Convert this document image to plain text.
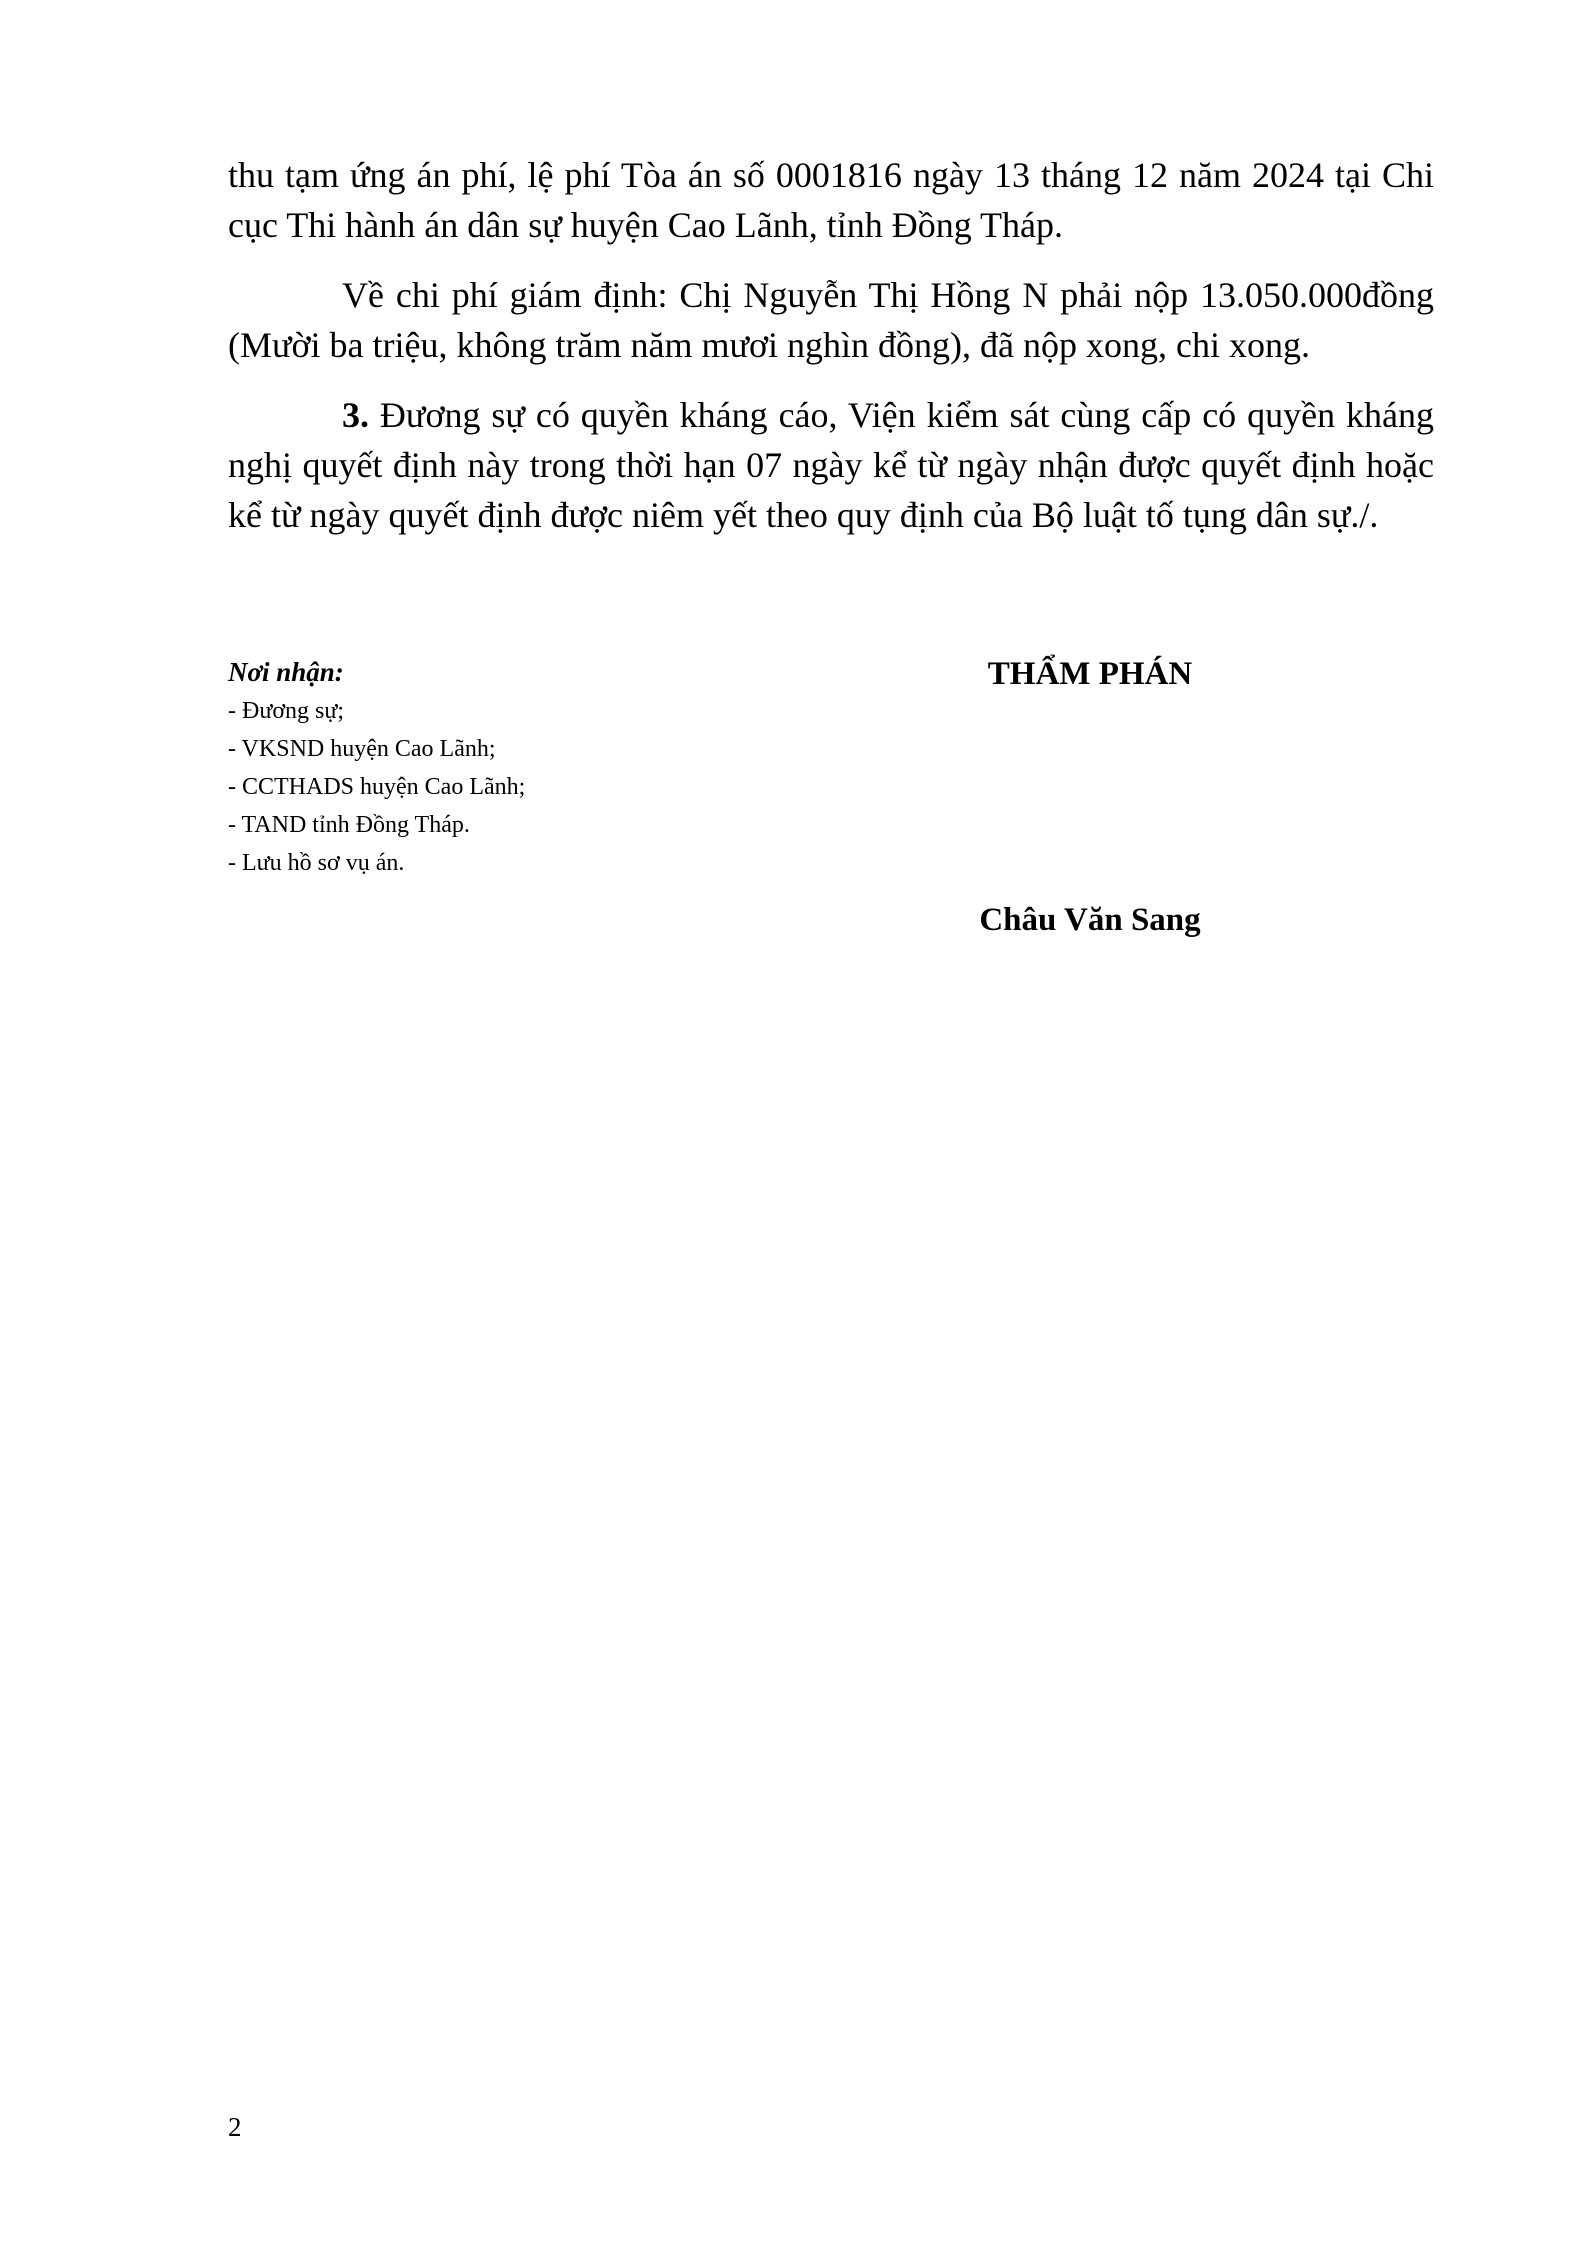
thu tạm ứng án phí, lệ phí Tòa án số 0001816 ngày 13 tháng 12 năm 2024 tại Chi cục Thi hành án dân sự huyện Cao Lãnh, tỉnh Đồng Tháp.

Về chi phí giám định: Chị Nguyễn Thị Hồng N phải nộp 13.050.000đồng (Mười ba triệu, không trăm năm mươi nghìn đồng), đã nộp xong, chi xong.

3. Đương sự có quyền kháng cáo, Viện kiểm sát cùng cấp có quyền kháng nghị quyết định này trong thời hạn 07 ngày kể từ ngày nhận được quyết định hoặc kể từ ngày quyết định được niêm yết theo quy định của Bộ luật tố tụng dân sự./.

Nơi nhận:
- Đương sự;
- VKSND huyện Cao Lãnh;
- CCTHADS huyện Cao Lãnh;
- TAND tỉnh Đồng Tháp.
- Lưu hồ sơ vụ án.
THẨM PHÁN
Châu Văn Sang
2
